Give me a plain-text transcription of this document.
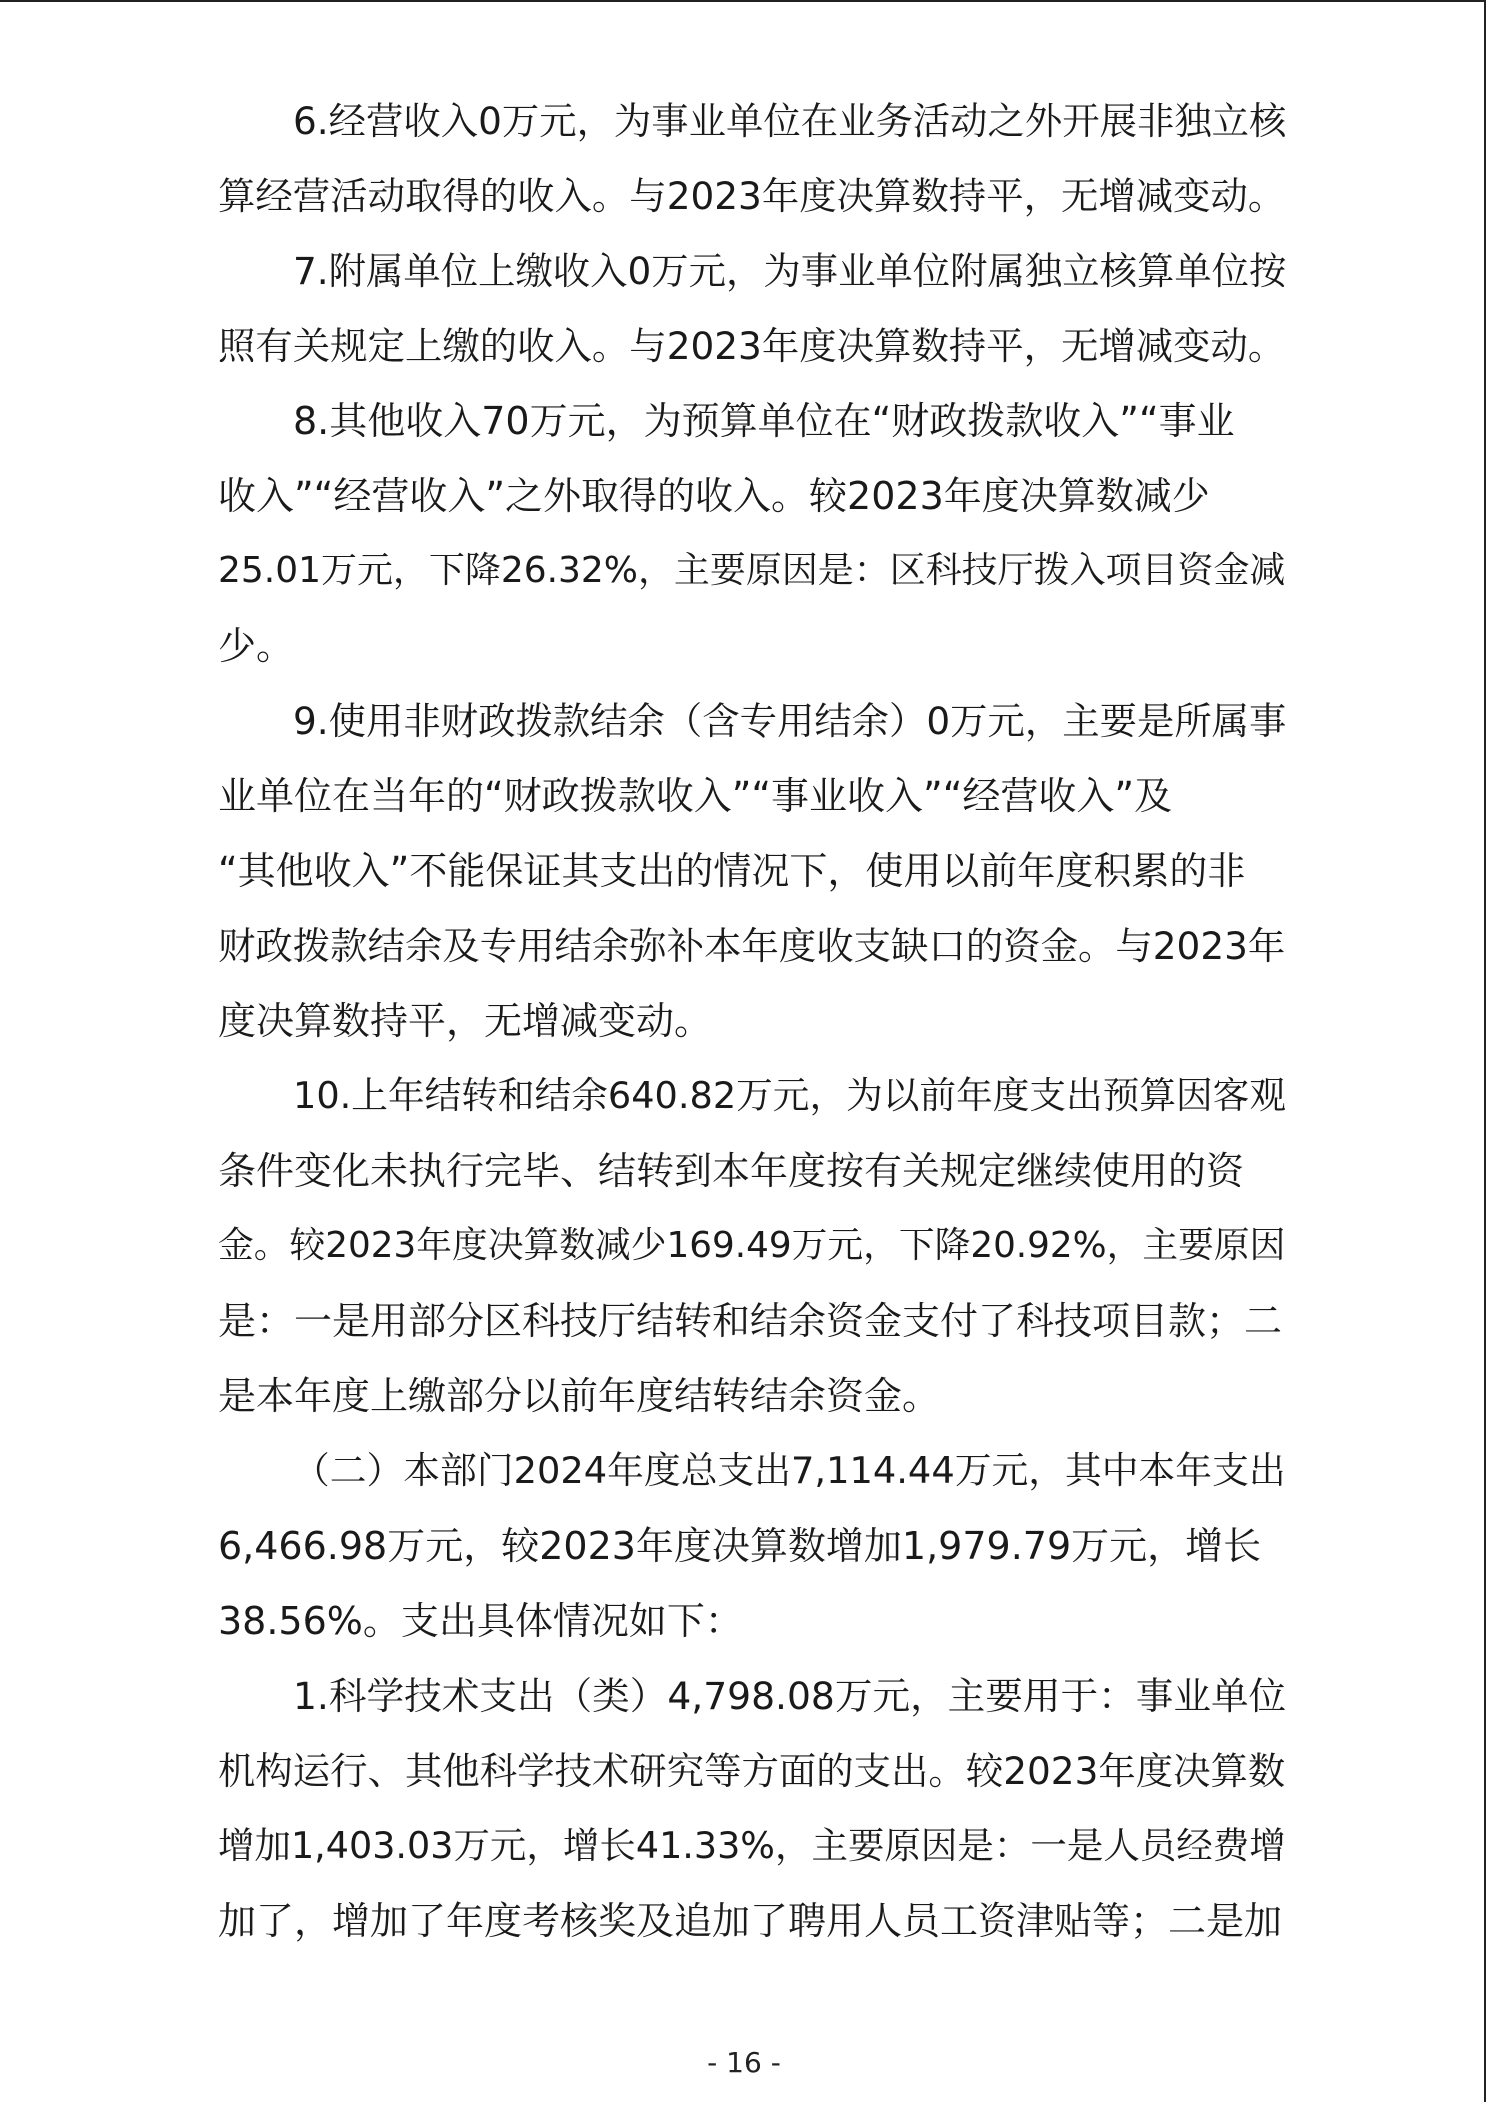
6.经营收入0万元，为事业单位在业务活动之外开展非独立核
算经营活动取得的收入。与2023年度决算数持平，无增减变动。
7.附属单位上缴收入0万元，为事业单位附属独立核算单位按
照有关规定上缴的收入。与2023年度决算数持平，无增减变动。
8.其他收入70万元，为预算单位在“财政拨款收入”“事业
收入”“经营收入”之外取得的收入。较2023年度决算数减少
25.01万元，下降26.32%，主要原因是：区科技厅拨入项目资金减
少。
9.使用非财政拨款结余（含专用结余）0万元，主要是所属事
业单位在当年的“财政拨款收入”“事业收入”“经营收入”及
“其他收入”不能保证其支出的情况下，使用以前年度积累的非
财政拨款结余及专用结余弥补本年度收支缺口的资金。与2023年
度决算数持平，无增减变动。
10.上年结转和结余640.82万元，为以前年度支出预算因客观
条件变化未执行完毕、结转到本年度按有关规定继续使用的资
金。较2023年度决算数减少169.49万元，下降20.92%，主要原因
是：一是用部分区科技厅结转和结余资金支付了科技项目款；二
是本年度上缴部分以前年度结转结余资金。
（二）本部门2024年度总支出7,114.44万元，其中本年支出
6,466.98万元，较2023年度决算数增加1,979.79万元，增长
38.56%。支出具体情况如下：
1.科学技术支出（类）4,798.08万元，主要用于：事业单位
机构运行、其他科学技术研究等方面的支出。较2023年度决算数
增加1,403.03万元，增长41.33%，主要原因是：一是人员经费增
加了，增加了年度考核奖及追加了聘用人员工资津贴等；二是加
- 16 -
